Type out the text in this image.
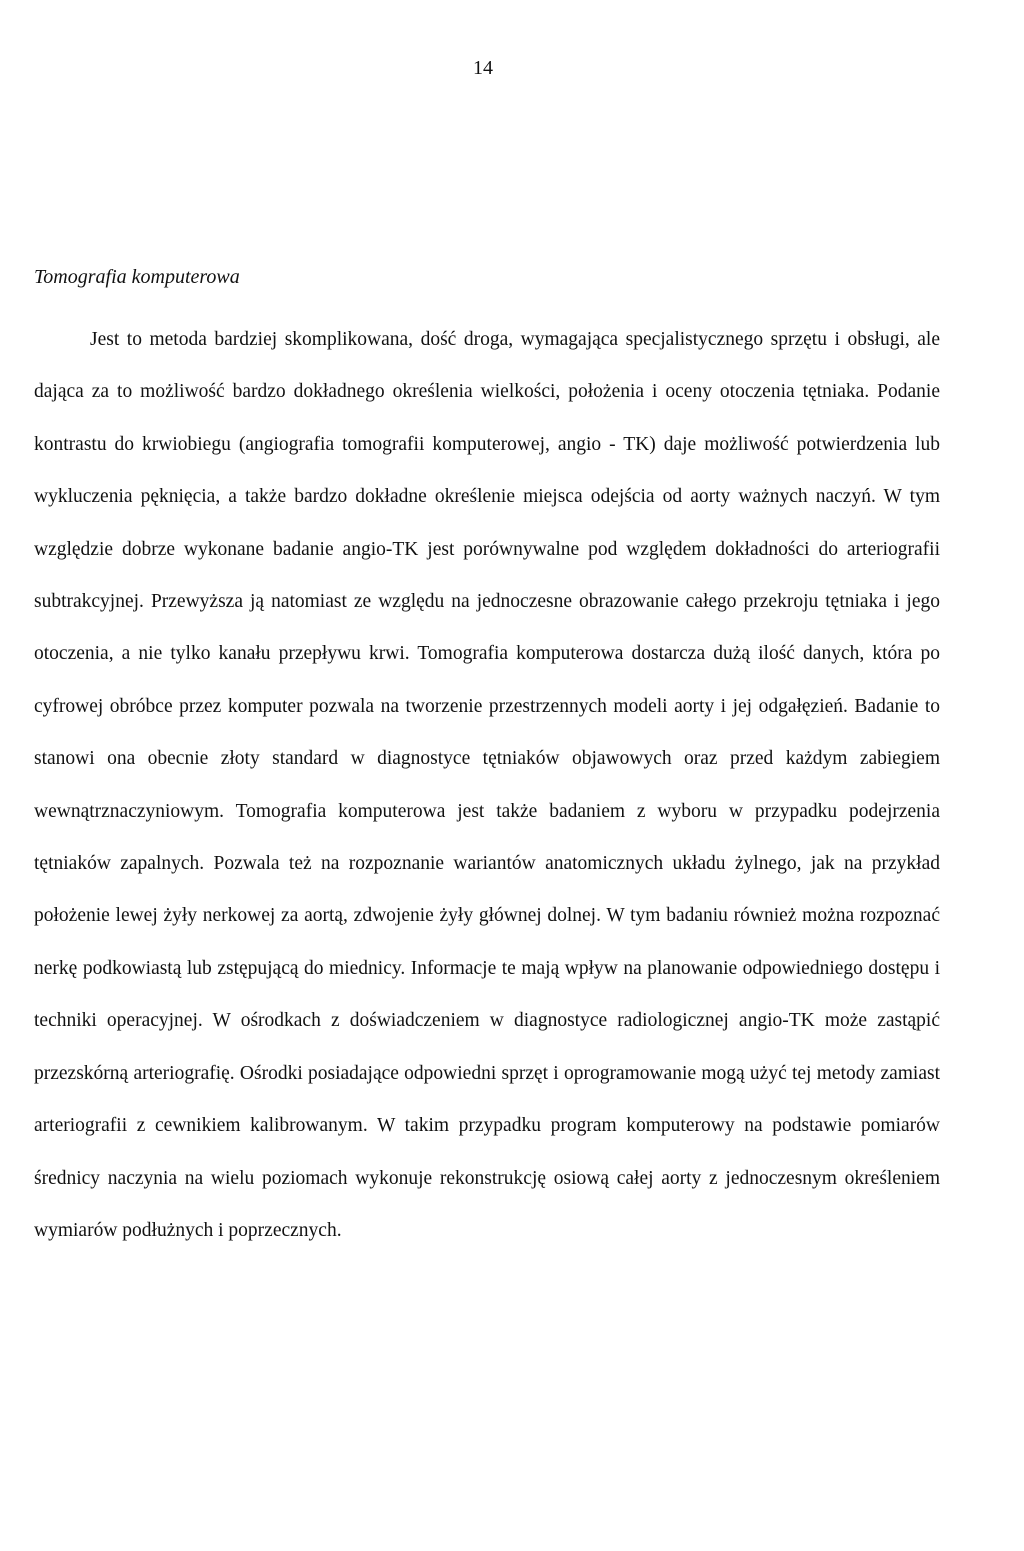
14
Tomografia komputerowa

Jest to metoda bardziej skomplikowana, dość droga, wymagająca specjalistycznego sprzętu i obsługi, ale dająca za to możliwość bardzo dokładnego określenia wielkości, położenia i oceny otoczenia tętniaka. Podanie kontrastu do krwiobiegu (angiografia tomografii komputerowej, angio - TK) daje możliwość potwierdzenia lub wykluczenia pęknięcia, a także bardzo dokładne określenie miejsca odejścia od aorty ważnych naczyń. W tym względzie dobrze wykonane badanie angio-TK jest porównywalne pod względem dokładności do arteriografii subtrakcyjnej. Przewyższa ją natomiast ze względu na jednoczesne obrazowanie całego przekroju tętniaka i jego otoczenia, a nie tylko kanału przepływu krwi. Tomografia komputerowa dostarcza dużą ilość danych, która po cyfrowej obróbce przez komputer pozwala na tworzenie przestrzennych modeli aorty i jej odgałęzień. Badanie to stanowi ona obecnie złoty standard w diagnostyce tętniaków objawowych oraz przed każdym zabiegiem wewnątrznaczyniowym. Tomografia komputerowa jest także badaniem z wyboru w przypadku podejrzenia tętniaków zapalnych. Pozwala też na rozpoznanie wariantów anatomicznych układu żylnego, jak na przykład położenie lewej żyły nerkowej za aortą, zdwojenie żyły głównej dolnej. W tym badaniu również można rozpoznać nerkę podkowiastą lub zstępującą do miednicy. Informacje te mają wpływ na planowanie odpowiedniego dostępu i techniki operacyjnej. W ośrodkach z doświadczeniem w diagnostyce radiologicznej angio-TK może zastąpić przezskórną arteriografię. Ośrodki posiadające odpowiedni sprzęt i oprogramowanie mogą użyć tej metody zamiast arteriografii z cewnikiem kalibrowanym. W takim przypadku program komputerowy na podstawie pomiarów średnicy naczynia na wielu poziomach wykonuje rekonstrukcję osiową całej aorty z jednoczesnym określeniem wymiarów podłużnych i poprzecznych.
